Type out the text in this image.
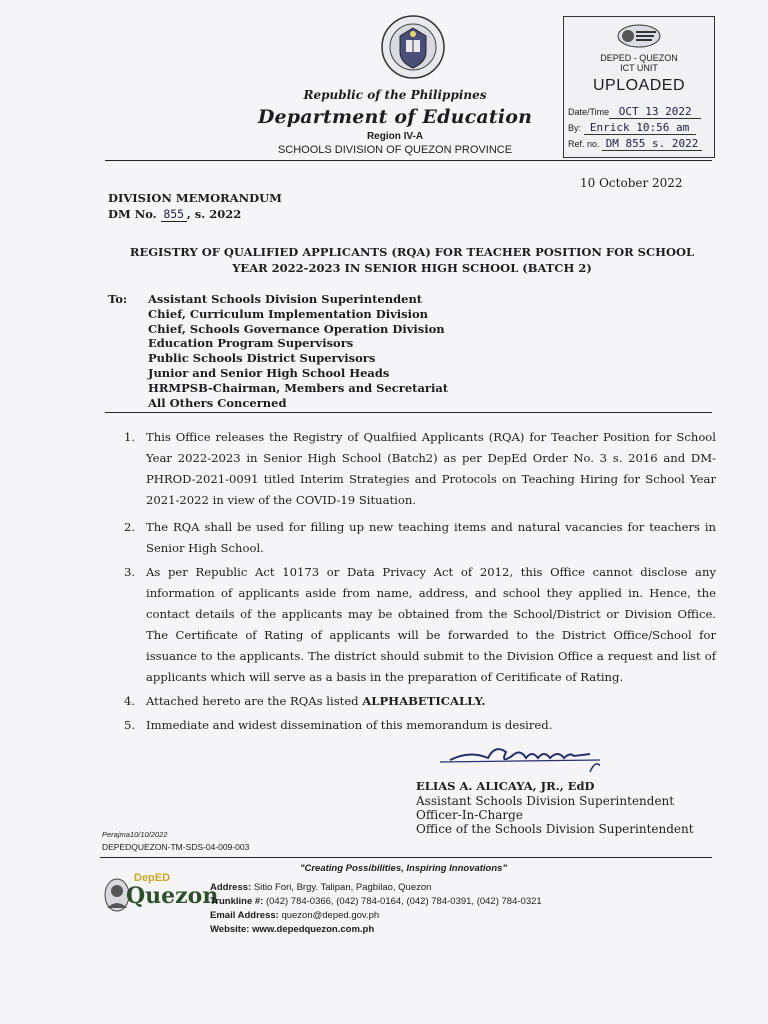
Republic of the Philippines
Department of Education
Region IV-A
SCHOOLS DIVISION OF QUEZON PROVINCE
DEPED - QUEZON
ICT UNIT
UPLOADED
Date/Time OCT 13 2022
By: Enrick 10:56 am
Ref. no. DM 855 s. 2022
10 October 2022
DIVISION MEMORANDUM
DM No. 855 , s. 2022
REGISTRY OF QUALIFIED APPLICANTS (RQA) FOR TEACHER POSITION FOR SCHOOL YEAR 2022-2023 IN SENIOR HIGH SCHOOL (BATCH 2)
To: Assistant Schools Division Superintendent
Chief, Curriculum Implementation Division
Chief, Schools Governance Operation Division
Education Program Supervisors
Public Schools District Supervisors
Junior and Senior High School Heads
HRMPSB-Chairman, Members and Secretariat
All Others Concerned
1. This Office releases the Registry of Qualfiied Applicants (RQA) for Teacher Position for School Year 2022-2023 in Senior High School (Batch2) as per DepEd Order No. 3 s. 2016 and DM-PHROD-2021-0091 titled Interim Strategies and Protocols on Teaching Hiring for School Year 2021-2022 in view of the COVID-19 Situation.
2. The RQA shall be used for filling up new teaching items and natural vacancies for teachers in Senior High School.
3. As per Republic Act 10173 or Data Privacy Act of 2012, this Office cannot disclose any information of applicants aside from name, address, and school they applied in. Hence, the contact details of the applicants may be obtained from the School/District or Division Office. The Certificate of Rating of applicants will be forwarded to the District Office/School for issuance to the applicants. The district should submit to the Division Office a request and list of applicants which will serve as a basis in the preparation of Ceritificate of Rating.
4. Attached hereto are the RQAs listed ALPHABETICALLY.
5. Immediate and widest dissemination of this memorandum is desired.
ELIAS A. ALICAYA, JR., EdD
Assistant Schools Division Superintendent
Officer-In-Charge
Office of the Schools Division Superintendent
Perajma10/10/2022
DEPEDQUEZON-TM-SDS-04-009-003
"Creating Possibilities, Inspiring Innovations"
DepED
Quezon
Address: Sitio Fori, Brgy. Talipan, Pagbilao, Quezon
Trunkline #: (042) 784-0366, (042) 784-0164, (042) 784-0391, (042) 784-0321
Email Address: quezon@deped.gov.ph
Website: www.depedquezon.com.ph
